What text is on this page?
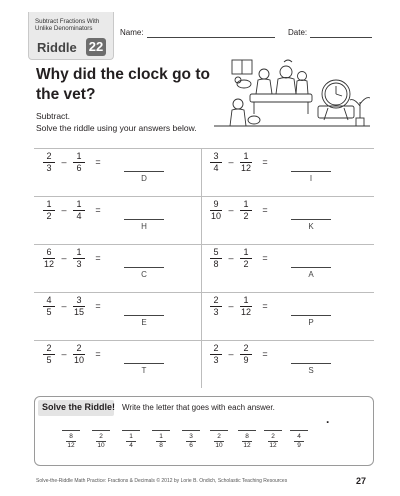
Subtract Fractions With Unlike Denominators
Riddle 22
Name:	Date:
Why did the clock go to the vet?
Subtract.
Solve the riddle using your answers below.
2
3
–
1
6
=
D
3
4
–
1
12
=
I
1
2
–
1
4
=
H
9
10
–
1
2
=
K
6
12
–
1
3
=
C
5
8
–
1
2
=
A
4
5
–
3
15
=
E
2
3
–
1
12
=
P
2
5
–
2
10
=
T
2
3
–
2
9
=
S
Solve the Riddle! Write the letter that goes with each answer.
8
12
2
10
1
4
1
8
3
6
2
10
8
12
2
12
4
9
.
Solve-the-Riddle Math Practice: Fractions & Decimals © 2012 by Lorie B. Ondich, Scholastic Teaching Resources	27
